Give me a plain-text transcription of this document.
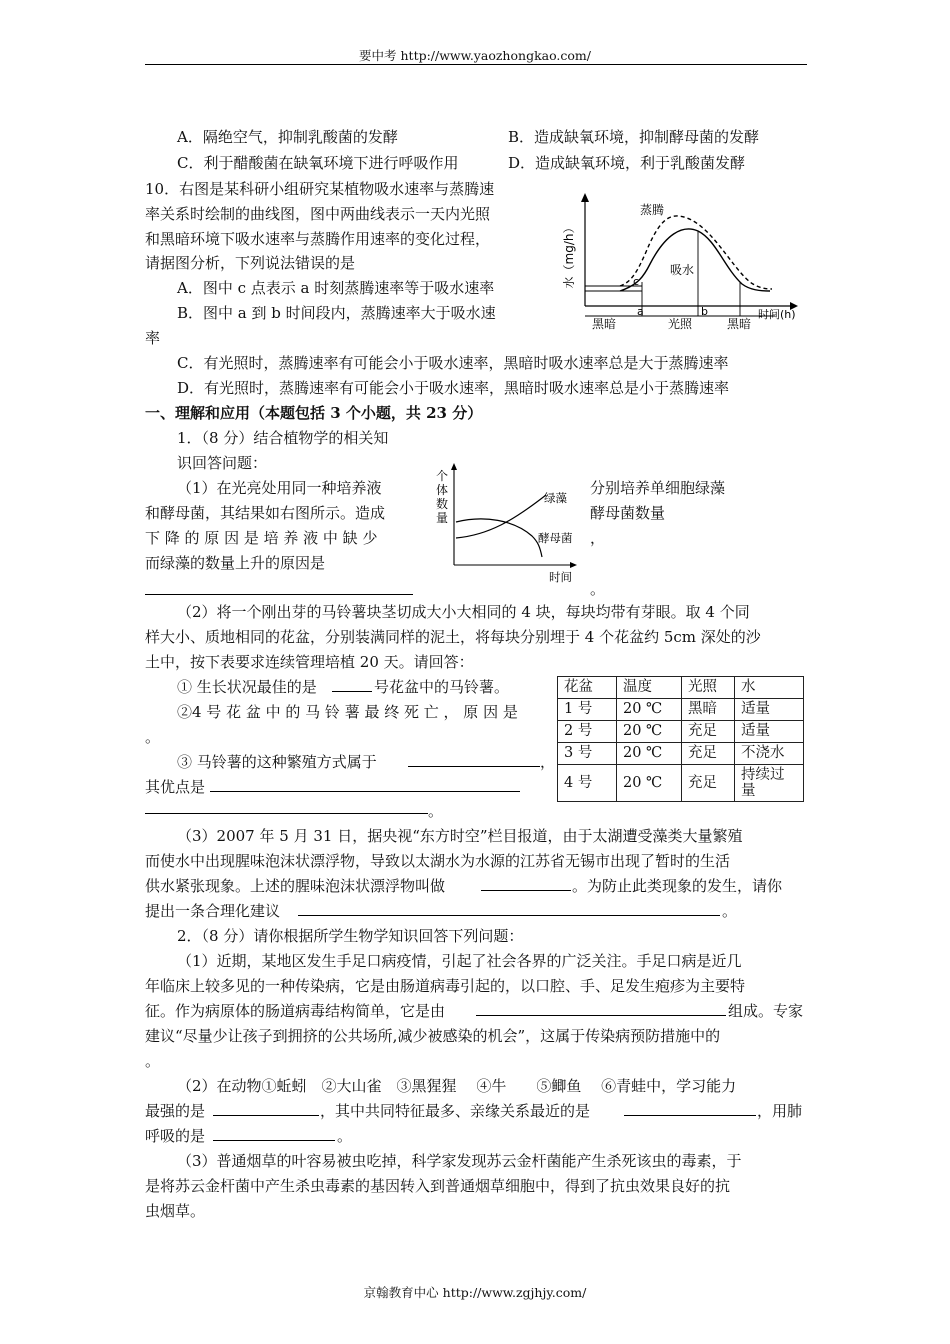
要中考 http://www.yaozhongkao.com/
A．隔绝空气，抑制乳酸菌的发酵	B．造成缺氧环境，抑制酵母菌的发酵
C．利于醋酸菌在缺氧环境下进行呼吸作用	D．造成缺氧环境，利于乳酸菌发酵
10．右图是某科研小组研究某植物吸水速率与蒸腾速
率关系时绘制的曲线图，图中两曲线表示一天内光照
和黑暗环境下吸水速率与蒸腾作用速率的变化过程，
请据图分析，下列说法错误的是
A．图中 c 点表示 a 时刻蒸腾速率等于吸水速率
B．图中 a 到 b 时间段内，蒸腾速率大于吸水速
率
C．有光照时，蒸腾速率有可能会小于吸水速率，黑暗时吸水速率总是大于蒸腾速率
D．有光照时，蒸腾速率有可能会小于吸水速率，黑暗时吸水速率总是小于蒸腾速率
水（mg/h）
蒸腾
吸水
c
a	b	时间(h)
黑暗	光照	黑暗
一、理解和应用（本题包括 3 个小题，共 23 分）
1．（8 分）结合植物学的相关知
识回答问题：
（1）在光亮处用同一种培养液
和酵母菌，其结果如右图所示。造成
下 降 的 原 因 是 培 养 液 中 缺 少
而绿藻的数量上升的原因是
分别培养单细胞绿藻
酵母菌数量
，
。
个
体
数
量
绿藻
酵母菌
时间
（2）将一个刚出芽的马铃薯块茎切成大小大相同的 4 块，每块均带有芽眼。取 4 个同
样大小、质地相同的花盆，分别装满同样的泥土，将每块分别埋于 4 个花盆约 5cm 深处的沙
土中，按下表要求连续管理培植 20 天。请回答：
① 生长状况最佳的是	号花盆中的马铃薯。
②4 号 花 盆 中 的 马 铃 薯 最 终 死 亡 ， 原 因 是
。
③ 马铃薯的这种繁殖方式属于	，
其优点是
。
花盆	温度	光照	水
1 号	20 ℃	黑暗	适量
2 号	20 ℃	充足	适量
3 号	20 ℃	充足	不浇水
4 号	20 ℃	充足	持续过量
（3）2007 年 5 月 31 日，据央视“东方时空”栏目报道，由于太湖遭受藻类大量繁殖
而使水中出现腥味泡沫状漂浮物，导致以太湖水为水源的江苏省无锡市出现了暂时的生活
供水紧张现象。上述的腥味泡沫状漂浮物叫做	。为防止此类现象的发生，请你
提出一条合理化建议	。
2．（8 分）请你根据所学生物学知识回答下列问题：
（1）近期，某地区发生手足口病疫情，引起了社会各界的广泛关注。手足口病是近几
年临床上较多见的一种传染病，它是由肠道病毒引起的，以口腔、手、足发生疱疹为主要特
征。作为病原体的肠道病毒结构简单，它是由	组成。专家
建议“尽量少让孩子到拥挤的公共场所,减少被感染的机会”，这属于传染病预防措施中的
。
（2）在动物①蚯蚓　②大山雀　③黑猩猩　 ④牛　　⑤鲫鱼　 ⑥青蛙中，学习能力
最强的是	，其中共同特征最多、亲缘关系最近的是	，用肺
呼吸的是	。
（3）普通烟草的叶容易被虫吃掉，科学家发现苏云金杆菌能产生杀死该虫的毒素，于
是将苏云金杆菌中产生杀虫毒素的基因转入到普通烟草细胞中，得到了抗虫效果良好的抗
虫烟草。
京翰教育中心 http://www.zgjhjy.com/
